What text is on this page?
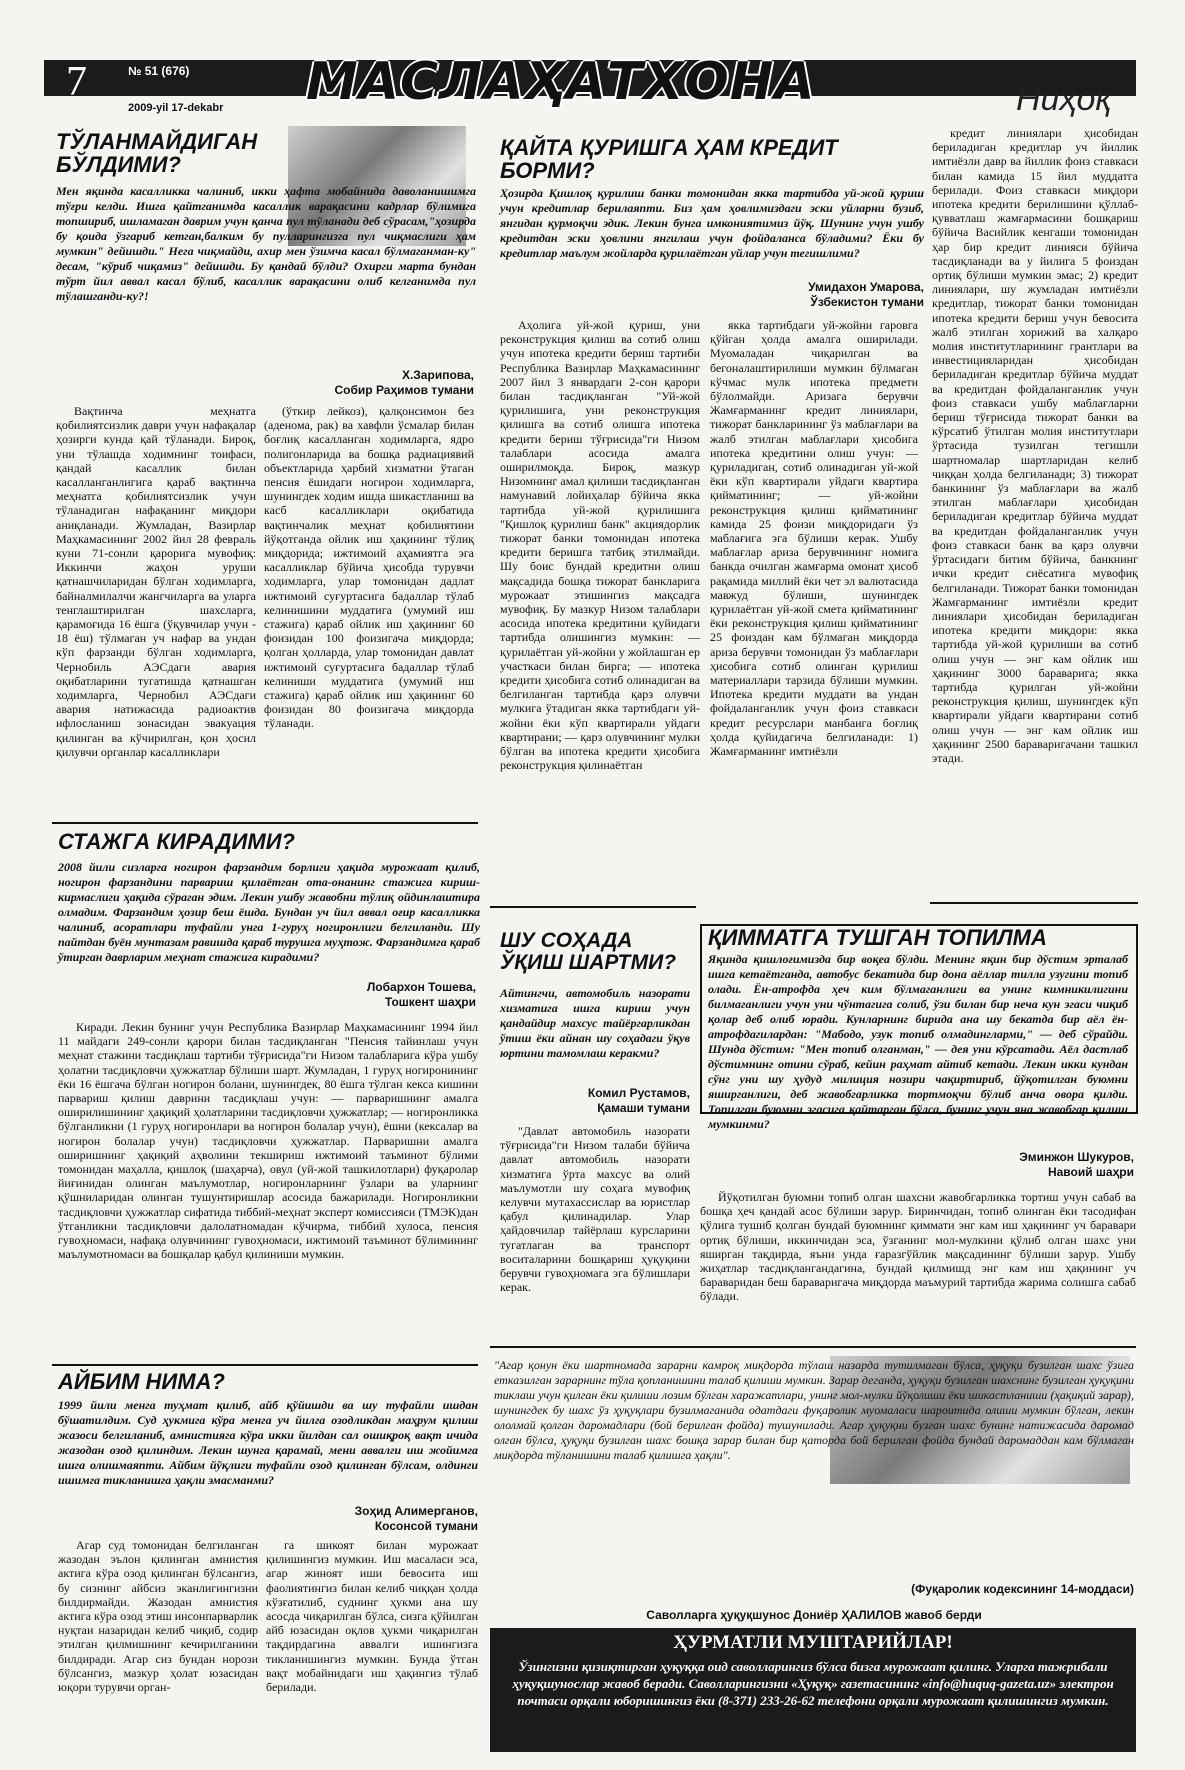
7	№ 51 (676)
2009-yil 17-dekabr МАСЛАҲАТХОНА	Ниҳоқ
ТЎЛАНМАЙДИГАН БЎЛДИМИ?
Мен яқинда касалликка чалиниб, икки ҳафта мобайнида даволанишимга тўғри келди. Ишга қайтганимда касаллик варақасини кадрлар бўлимига топшириб, ишламаган даврим учун қанча пул тўланади деб сўрасам,"ҳозирда бу қоида ўзгариб кетган,балким бу пулларингизга пул чиқмаслиги ҳам мумкин" дейишди." Нега чиқмайди, ахир мен ўзимча касал бўлмаганман-ку" десам, "кўриб чиқамиз" дейишди. Бу қандай бўлди? Охирги марта бундан тўрт йил аввал касал бўлиб, касаллик варақасини олиб келганимда пул тўлашганди-ку?!
Х.Зарипова,
Собир Раҳимов тумани

Вақтинча меҳнатга қобилиятсизлик даври учун нафақалар ҳозирги кунда қай тўланади. Бироқ, уни тўлашда ходимнинг тоифаси, қандай касаллик билан касалланганлигига қараб вақтинча меҳнатга қобилиятсизлик учун тўланадиган нафақанинг миқдори аниқланади. Жумладан, Вазирлар Маҳкамасининг 2002 йил 28 февраль куни 71-сонли қарорига мувофиқ: Иккинчи жаҳон уруши қатнашчиларидан бўлган ходимларга, байналмилалчи жангчиларга ва уларга тенглаштирилган шахсларга, қарамоғида 16 ёшга (ўқувчилар учун - 18 ёш) тўлмаган уч нафар ва ундан кўп фарзанди бўлган ходимларга, Чернобиль АЭСдаги авария оқибатларини тугатишда қатнашган ходимларга, Чернобил АЭСдаги авария натижасида радиоактив ифлосланиш зонасидан эвакуация қилинган ва кўчирилган, қон ҳосил қилувчи органлар касалликлари

(ўткир лейкоз), қалқонсимон без (аденома, рак) ва хавфли ўсмалар билан боғлиқ касалланган ходимларга, ядро полигонларида ва бошқа радиациявий объектларида ҳарбий хизматни ўтаган пенсия ёшидаги ногирон ходимларга, шунингдек ходим ишда шикастланиш ва касб касалликлари оқибатида вақтинчалик меҳнат қобилиятини йўқотганда ойлик иш ҳақининг тўлиқ миқдорида; ижтимоий аҳамиятга эга касалликлар бўйича ҳисобда турувчи ходимларга, улар томонидан дадлат ижтимоий суғуртасига бадаллар тўлаб келинишини муддатига (умумий иш стажига) қараб ойлик иш ҳақининг 60 фоизидан 100 фоизигача миқдорда; қолган ҳолларда, улар томонидан давлат ижтимоий суғуртасига бадаллар тўлаб келиниши муддатига (умумий иш стажига) қараб ойлик иш ҳақининг 60 фоизидан 80 фоизигача миқдорда тўланади.

ҚАЙТА ҚУРИШГА ҲАМ КРЕДИТ БОРМИ?
Ҳозирда Қишлоқ қурилиш банки томонидан якка тартибда уй-жой қуриш учун кредитлар берилаяпти. Биз ҳам ҳовлимиздаги эски уйларни бузиб, янгидан қурмоқчи эдик. Лекин бунга имкониятимиз йўқ. Шунинг учун ушбу кредитдан эски ҳовлини янгилаш учун фойдаланса бўладими? Ёки бу кредитлар маълум жойларда қурилаётган уйлар учун тегишлими?
Умидахон Умарова,
Ўзбекистон тумани

Аҳолига уй-жой қуриш, уни реконструкция қилиш ва сотиб олиш учун ипотека кредити бериш тартиби Республика Вазирлар Маҳкамасининг 2007 йил 3 январдаги 2-сон қарори билан тасдиқланган "Уй-жой қурилишига, уни реконструкция қилишга ва сотиб олишга ипотека кредити бериш тўғрисида"ги Низом талаблари асосида амалга оширилмоқда. Бироқ, мазкур Низомнинг амал қилиши тасдиқланган намунавий лойиҳалар бўйича якка тартибда уй-жой қурилишига "Қишлоқ қурилиш банк" акциядорлик тижорат банки томонидан ипотека кредити беришга татбиқ этилмайди. Шу боис бундай кредитни олиш мақсадида бошқа тижорат банкларига мурожаат этишингиз мақсадга мувофиқ. Бу мазкур Низом талаблари асосида ипотека кредитини қуйидаги тартибда олишингиз мумкин: — қурилаётган уй-жойни у жойлашган ер участкаси билан бирга; — ипотека кредити ҳисобига сотиб олинадиган ва белгиланган тартибда қарз олувчи мулкига ўтадиган якка тартибдаги уй-жойни ёки кўп квартирали уйдаги квартирани; — қарз олувчининг мулки бўлган ва ипотека кредити ҳисобига реконструкция қилинаётган

якка тартибдаги уй-жойни гаровга қўйган ҳолда амалга оширилади. Муомаладан чиқарилган ва бегоналаштирилиши мумкин бўлмаган кўчмас мулк ипотека предмети бўлолмайди. Аризага берувчи Жамғарманинг кредит линиялари, тижорат банкларининг ўз маблағлари ва жалб этилган маблағлари ҳисобига ипотека кредитини олиш учун: — қуриладиган, сотиб олинадиган уй-жой ёки кўп квартирали уйдаги квартира қийматининг; — уй-жойни реконструкция қилиш қийматининг камида 25 фоизи миқдоридаги ўз маблағига эга бўлиши керак. Ушбу маблағлар ариза берувчининг номига банкда очилган жамғарма омонат ҳисоб рақамида миллий ёки чет эл валютасида мавжуд бўлиши, шунингдек қурилаётган уй-жой смета қийматининг ёки реконструкция қилиш қийматининг 25 фоиздан кам бўлмаган миқдорда ариза берувчи томонидан ўз маблағлари ҳисобига сотиб олинган қурилиш материаллари тарзида бўлиши мумкин. Ипотека кредити муддати ва ундан фойдаланганлик учун фоиз ставкаси кредит ресурслари манбаига боғлиқ ҳолда қуйидагича белгиланади: 1) Жамғарманинг имтиёзли

кредит линиялари ҳисобидан бериладиган кредитлар уч йиллик имтиёзли давр ва йиллик фоиз ставкаси билан камида 15 йил муддатга берилади. Фоиз ставкаси миқдори ипотека кредити берилишини қўллаб-қувватлаш жамғармасини бошқариш бўйича Васийлик кенгаши томонидан ҳар бир кредит линияси бўйича тасдиқланади ва у йилига 5 фоиздан ортиқ бўлиши мумкин эмас; 2) кредит линиялари, шу жумладан имтиёзли кредитлар, тижорат банки томонидан ипотека кредити бериш учун бевосита жалб этилган хорижий ва халқаро молия институтларининг грантлари ва инвестицияларидан ҳисобидан бериладиган кредитлар бўйича муддат ва кредитдан фойдаланганлик учун фоиз ставкаси ушбу маблағларни бериш тўғрисида тижорат банки ва кўрсатиб ўтилган молия институтлари ўртасида тузилган тегишли шартномалар шартларидан келиб чиққан ҳолда белгиланади; 3) тижорат банкининг ўз маблағлари ва жалб этилган маблағлари ҳисобидан бериладиган кредитлар бўйича муддат ва кредитдан фойдаланганлик учун фоиз ставкаси банк ва қарз олувчи ўртасидаги битим бўйича, банкнинг ички кредит сиёсатига мувофиқ белгиланади. Тижорат банки томонидан Жамғарманинг имтиёзли кредит линиялари ҳисобидан бериладиган ипотека кредити миқдори: якка тартибда уй-жой қурилиши ва сотиб олиш учун — энг кам ойлик иш ҳақининг 3000 бараварига; якка тартибда қурилган уй-жойни реконструкция қилиш, шунингдек кўп квартирали уйдаги квартирани сотиб олиш учун — энг кам ойлик иш ҳақининг 2500 бараваригачани ташкил этади.

СТАЖГА КИРАДИМИ?
2008 йили сизларга ногирон фарзандим борлиги ҳақида мурожаат қилиб, ногирон фарзандини парвариш қилаётган ота-онанинг стажига кириш-кирмаслиги ҳақида сўраган эдим. Лекин ушбу жавобни тўлиқ ойдинлаштира олмадим. Фарзандим ҳозир беш ёшда. Бундан уч йил аввал оғир касалликка чалиниб, асоратлари туфайли унга 1-гуруҳ ногиронлиги белгиланди. Шу пайтдан буён мунтазам равишда қараб турушга муҳтож. Фарзандимга қараб ўтирган даврларим меҳнат стажига кирадими?
Лобархон Тошева,
Тошкент шаҳри

Киради. Лекин бунинг учун Республика Вазирлар Маҳкамасининг 1994 йил 11 майдаги 249-сонли қарори билан тасдиқланган "Пенсия тайинлаш учун меҳнат стажини тасдиқлаш тартиби тўғрисида"ги Низом талабларига кўра ушбу ҳолатни тасдиқловчи ҳужжатлар бўлиши шарт. Жумладан, 1 гуруҳ ногиронининг ёки 16 ёшгача бўлган ногирон болани, шунингдек, 80 ёшга тўлган кекса кишини парвариш қилиш даврини тасдиқлаш учун: — парваришнинг амалга оширилишининг ҳақиқий ҳолатларини тасдиқловчи ҳужжатлар; — ногиронликка бўлганликни (1 гуруҳ ногиронлари ва ногирон болалар учун), ёшни (кексалар ва ногирон болалар учун) тасдиқловчи ҳужжатлар. Парваришни амалга оширишнинг ҳақиқий аҳволини текшириш ижтимоий таъминот бўлими томонидан маҳалла, қишлоқ (шаҳарча), овул (уй-жой ташкилотлари) фуқаролар йиғинидан олинган маълумотлар, ногиронларнинг ўзлари ва уларнинг қўшниларидан олинган тушунтиришлар асосида бажарилади. Ногиронликни тасдиқловчи ҳужжатлар сифатида тиббий-меҳнат эксперт комиссияси (ТМЭК)дан ўтганликни тасдиқловчи далолатномадан кўчирма, тиббий хулоса, пенсия гувоҳномаси, нафақа олувчининг гувоҳномаси, ижтимоий таъминот бўлимининг маълумотномаси ва бошқалар қабул қилиниши мумкин.

ШУ СОҲАДА ЎҚИШ ШАРТМИ?
Айтингчи, автомобиль назорати хизматига ишга кириш учун қандайдир махсус тайёргарликдан ўтиш ёки айнан шу соҳадаги ўқув юртини тамомлаш керакми?
Комил Рустамов,
Қамаши тумани

"Давлат автомобиль назорати тўғрисида"ги Низом талаби бўйича давлат автомобиль назорати хизматига ўрта махсус ва олий маълумотли шу соҳага мувофиқ келувчи мутахассислар ва юристлар қабул қилинадилар. Улар ҳайдовчилар тайёрлаш курсларини тугатлаган ва транспорт воситаларини бошқариш ҳуқуқини берувчи гувоҳномага эга бўлишлари керак.

ҚИММАТГА ТУШГАН ТОПИЛМА
Яқинда қишлоғимизда бир воқеа бўлди. Менинг яқин бир дўстим эрталаб ишга кетаётганда, автобус бекатида бир дона аёллар тилла узугини топиб олади. Ён-атрофда ҳеч ким бўлмаганлиги ва унинг кимникилигини билмаганлиги учун уни чўнтагига солиб, ўзи билан бир неча кун эгаси чиқиб қолар деб олиб юради. Кунларнинг бирида ана шу бекатда бир аёл ён-атрофдагилардан: "Мабодо, узук топиб олмадингларми," — деб сўрайди. Шунда дўстим: "Мен топиб олганман," — дея уни кўрсатади. Аёл дастлаб дўстимнинг отини сўраб, кейин раҳмат айтиб кетади. Лекин икки кундан сўнг уни шу ҳудуд милиция нозири чақиртириб, йўқотилган буюмни яширганлиги, деб жавобгарликка тортмоқчи бўлиб анча овора қилди. Топилган буюмни эгасига қайтарган бўлса, бунинг учун яна жавобгар қилиш мумкинми?
Эминжон Шукуров,
Навоий шаҳри

Йўқотилган буюмни топиб олган шахсни жавобгарликка тортиш учун сабаб ва бошқа ҳеч қандай асос бўлиши зарур. Биринчидан, топиб олинган ёки тасодифан қўлига тушиб қолган бундай буюмнинг қиммати энг кам иш ҳақининг уч баравари ортиқ бўлиши, иккинчидан эса, ўзганинг мол-мулкини қўлиб олган шахс уни яширган тақдирда, яъни унда ғаразгўйлик мақсадининг бўлиши зарур. Ушбу жиҳатлар тасдиқлангандагина, бундай қилмишд энг кам иш ҳақининг уч бараваридан беш бараваригача миқдорда маъмурий тартибда жарима солишга сабаб бўлади.

АЙБИМ НИМА?
1999 йили менга туҳмат қилиб, айб қўйишди ва шу туфайли ишдан бўшатилдим. Суд ҳукмига кўра менга уч йилга озодликдан маҳрум қилиш жазоси белгиланиб, амнистияга кўра икки йилдан сал ошиқроқ вақт ичида жазодан озод қилиндим. Лекин шунга қарамай, мени аввалги иш жойимга ишга олишмаяпти. Айбим йўқлиги туфайли озод қилинган бўлсам, олдинги ишимга тикланишга ҳақли эмасманми?
Зоҳид Алимерганов,
Косонсой тумани

Агар суд томонидан белгиланган жазодан эълон қилинган амнистия актига кўра озод қилинган бўлсангиз, бу сизнинг айбсиз эканлигингизни билдирмайди. Жазодан амнистия актига кўра озод этиш инсонпарварлик нуқтаи назаридан келиб чиқиб, содир этилган қилмишнинг кечирилганини билдиради. Агар сиз бундан норози бўлсангиз, мазкур ҳолат юзасидан юқори турувчи орган-

га шикоят билан мурожаат қилишингиз мумкин. Иш масаласи эса, агар жиноят иши бевосита иш фаолиятингиз билан келиб чиққан ҳолда кўзғатилиб, суднинг ҳукми ана шу асосда чиқарилган бўлса, сизга қўйилган айб юзасидан оқлов ҳукми чиқарилган тақдирдагина аввалги ишингизга тикланишингиз мумкин. Бунда ўтган вақт мобайнидаги иш ҳақингиз тўлаб берилади.

"Агар қонун ёки шартномада зарарни камроқ миқдорда тўлаш назарда тутилмаган бўлса, ҳуқуқи бузилган шахс ўзига етказилган зарарнинг тўла қопланишини талаб қилиши мумкин. Зарар деганда, ҳуқуқи бузилган шахснинг бузилган ҳуқуқини тиклаш учун қилган ёки қилиши лозим бўлган харажатлари, унинг мол-мулки йўқолиши ёки шикастланиши (ҳақиқий зарар), шунингдек бу шахс ўз ҳуқуқлари бузилмаганида одатдаги фуқаролик муомаласи шароитида олиши мумкин бўлган, лекин ололмай қолган даромадлари (бой берилган фойда) тушунилади. Агар ҳуқуқни бузган шахс бунинг натижасида даромад олган бўлса, ҳуқуқи бузилган шахс бошқа зарар билан бир қаторда бой берилган фойда бундай даромаддан кам бўлмаган миқдорда тўланишини талаб қилишга ҳақли".
(Фуқаролик кодексининг 14-моддаси)
Саволларга ҳуқуқшунос Дониёр ҲАЛИЛОВ жавоб берди
ҲУРМАТЛИ МУШТАРИЙЛАР!
Ўзингизни қизиқтирган ҳуқуққа оид саволларингиз бўлса бизга мурожаат қилинг. Уларга тажрибали ҳуқуқшунослар жавоб беради. Саволларингизни «Ҳуқуқ» газетасининг «info@huquq-gazeta.uz» электрон почтаси орқали юборишингиз ёки (8-371) 233-26-62 телефони орқали мурожаат қилишингиз мумкин.
